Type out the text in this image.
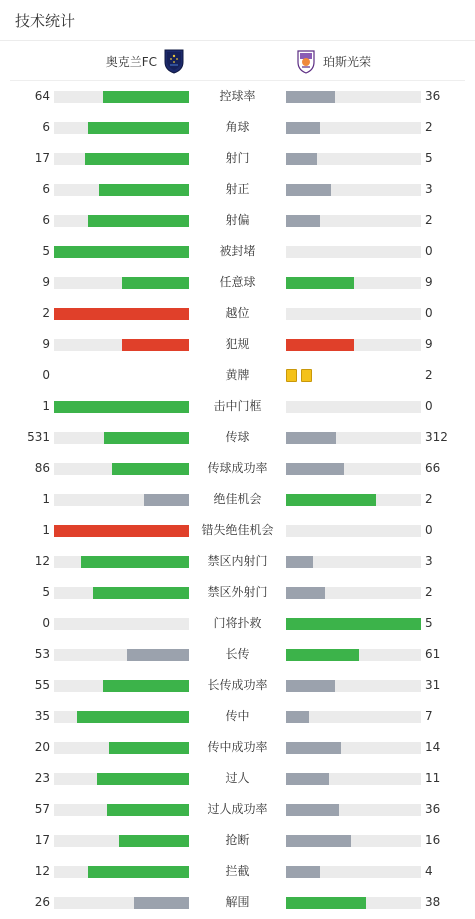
技术统计
奥克兰FC	珀斯光荣
64	控球率	36
6	角球	2
17	射门	5
6	射正	3
6	射偏	2
5	被封堵	0
9	任意球	9
2	越位	0
9	犯规	9
0	黄牌	2
1	击中门框	0
531	传球	312
86	传球成功率	66
1	绝佳机会	2
1	错失绝佳机会	0
12	禁区内射门	3
5	禁区外射门	2
0	门将扑救	5
53	长传	61
55	长传成功率	31
35	传中	7
20	传中成功率	14
23	过人	11
57	过人成功率	36
17	抢断	16
12	拦截	4
26	解围	38
